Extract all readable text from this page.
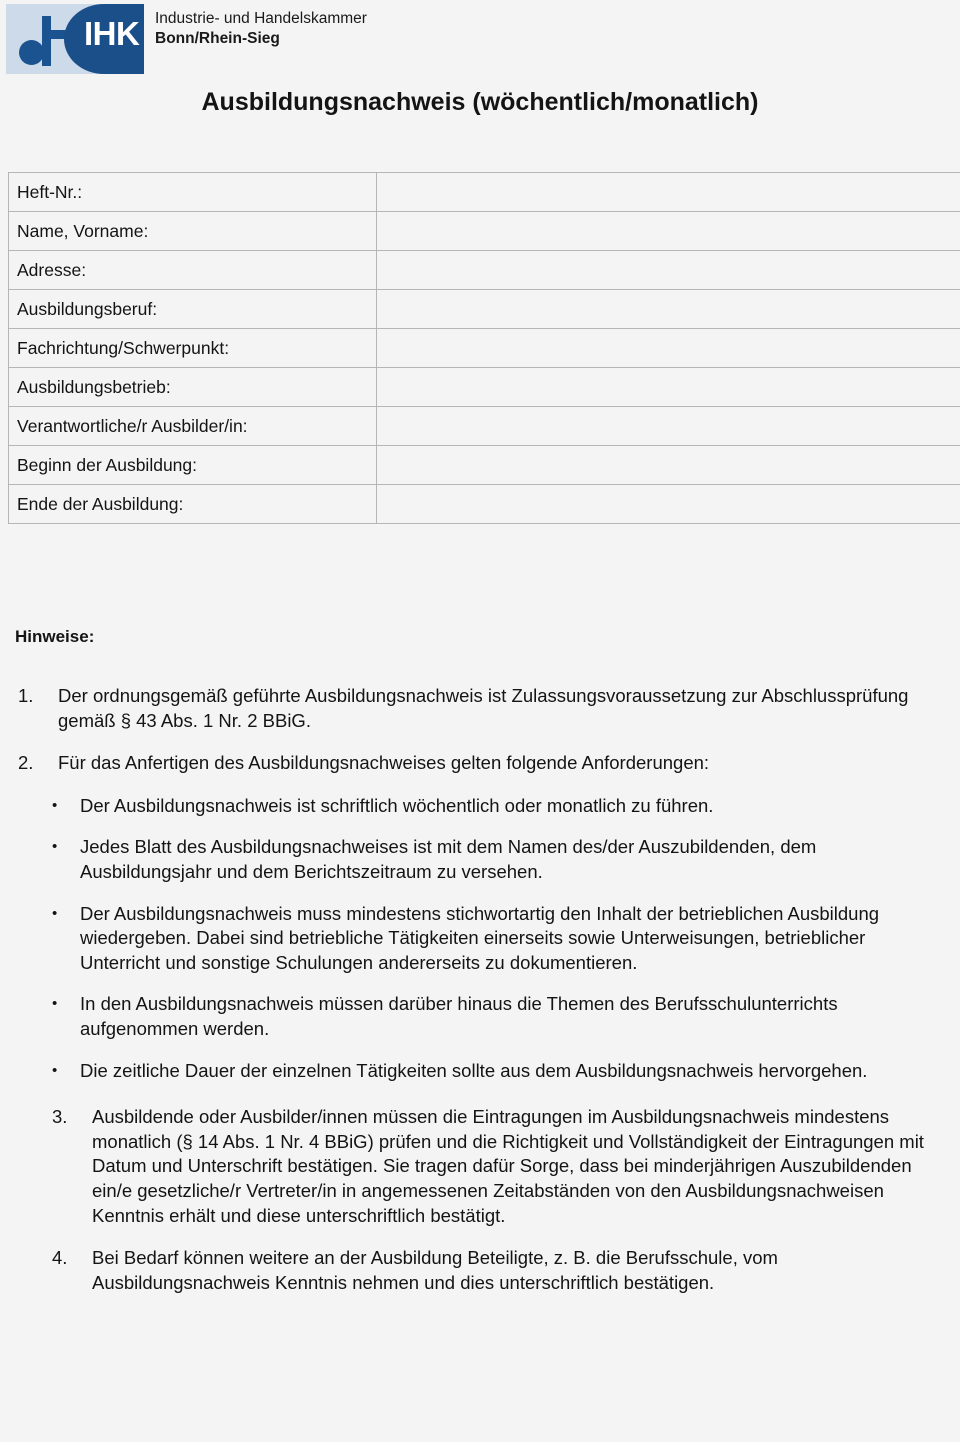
IHK Industrie- und Handelskammer
Bonn/Rhein-Sieg
Ausbildungsnachweis (wöchentlich/monatlich)
Heft-Nr.:	
Name, Vorname:	
Adresse:	
Ausbildungsberuf:	
Fachrichtung/Schwerpunkt:	
Ausbildungsbetrieb:	
Verantwortliche/r Ausbilder/in:	
Beginn der Ausbildung:	
Ende der Ausbildung:	
Hinweise:
1.	Der ordnungsgemäß geführte Ausbildungsnachweis ist Zulassungsvoraussetzung zur Abschlussprüfung gemäß § 43 Abs. 1 Nr. 2 BBiG.
2.	Für das Anfertigen des Ausbildungsnachweises gelten folgende Anforderungen:
•	Der Ausbildungsnachweis ist schriftlich wöchentlich oder monatlich zu führen.
•	Jedes Blatt des Ausbildungsnachweises ist mit dem Namen des/der Auszubildenden, dem Ausbildungsjahr und dem Berichtszeitraum zu versehen.
•	Der Ausbildungsnachweis muss mindestens stichwortartig den Inhalt der betrieblichen Ausbildung wiedergeben. Dabei sind betriebliche Tätigkeiten einerseits sowie Unterweisungen, betrieblicher Unterricht und sonstige Schulungen andererseits zu dokumentieren.
•	In den Ausbildungsnachweis müssen darüber hinaus die Themen des Berufsschulunterrichts aufgenommen werden.
•	Die zeitliche Dauer der einzelnen Tätigkeiten sollte aus dem Ausbildungsnachweis hervorgehen.
3.	Ausbildende oder Ausbilder/innen müssen die Eintragungen im Ausbildungsnachweis mindestens monatlich (§ 14 Abs. 1 Nr. 4 BBiG) prüfen und die Richtigkeit und Vollständigkeit der Eintragungen mit Datum und Unterschrift bestätigen. Sie tragen dafür Sorge, dass bei minderjährigen Auszubildenden ein/e gesetzliche/r Vertreter/in in angemessenen Zeitabständen von den Ausbildungsnachweisen Kenntnis erhält und diese unterschriftlich bestätigt.
4.	Bei Bedarf können weitere an der Ausbildung Beteiligte, z. B. die Berufsschule, vom Ausbildungsnachweis Kenntnis nehmen und dies unterschriftlich bestätigen.
